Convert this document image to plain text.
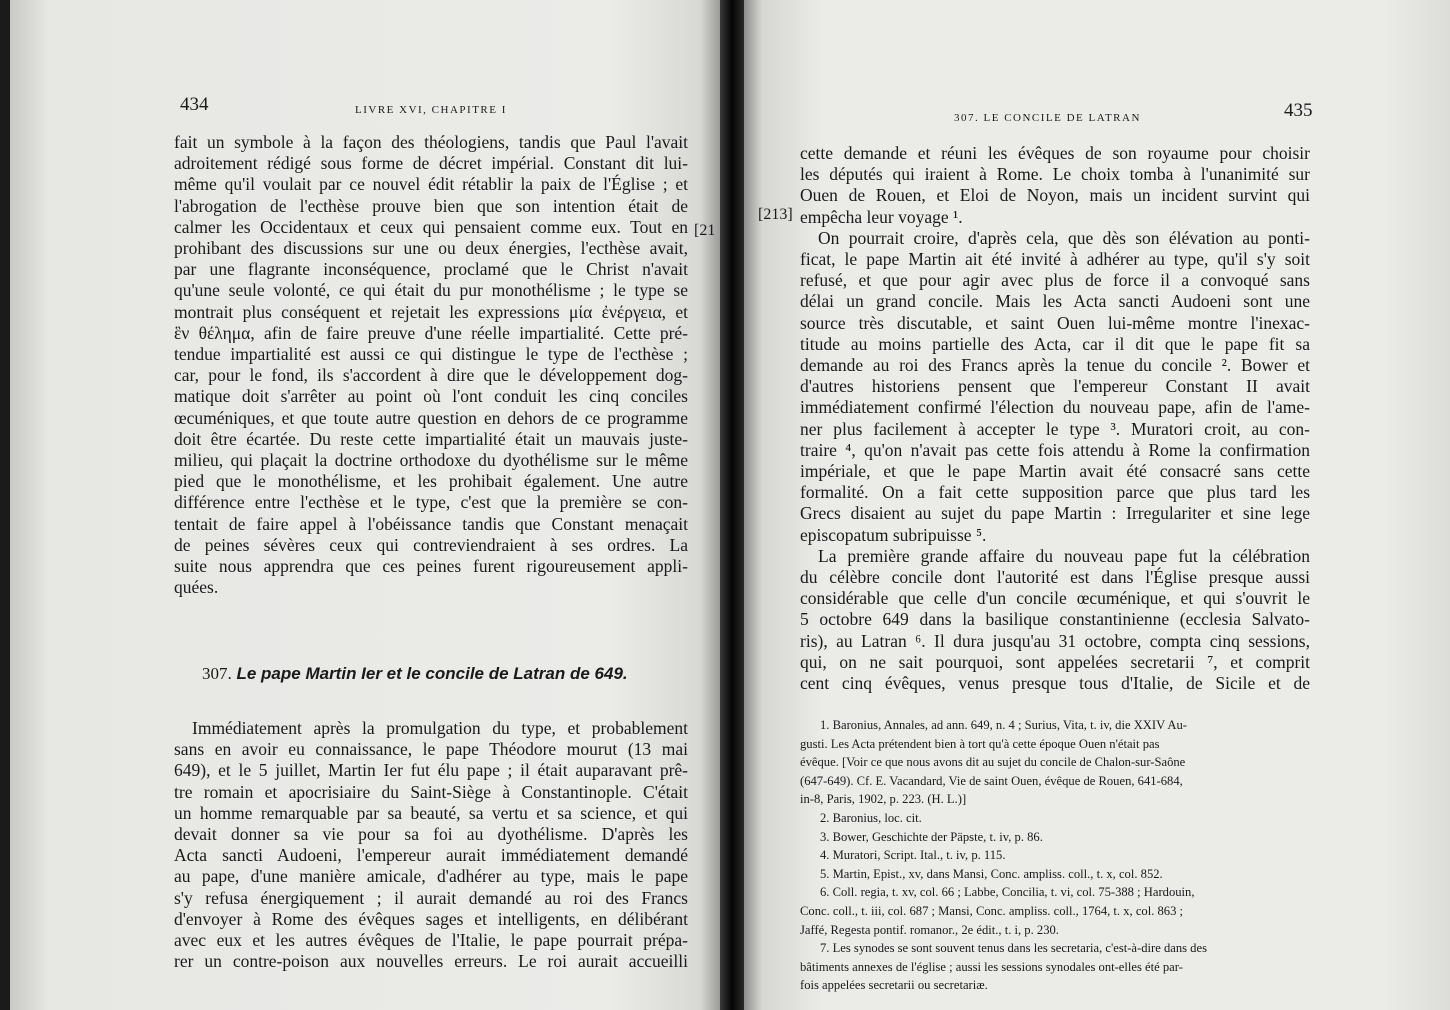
434	LIVRE XVI, CHAPITRE I
fait un symbole à la façon des théologiens, tandis que Paul l'avait
adroitement rédigé sous forme de décret impérial. Constant dit lui-
même qu'il voulait par ce nouvel édit rétablir la paix de l'Église ; et
l'abrogation de l'ecthèse prouve bien que son intention était de
calmer les Occidentaux et ceux qui pensaient comme eux. Tout en
prohibant des discussions sur une ou deux énergies, l'ecthèse avait,
par une flagrante inconséquence, proclamé que le Christ n'avait
qu'une seule volonté, ce qui était du pur monothélisme ; le type se
montrait plus conséquent et rejetait les expressions μία ἐνέργεια, et
ἓν θέλημα, afin de faire preuve d'une réelle impartialité. Cette pré-
tendue impartialité est aussi ce qui distingue le type de l'ecthèse ;
car, pour le fond, ils s'accordent à dire que le développement dog-
matique doit s'arrêter au point où l'ont conduit les cinq conciles
œcuméniques, et que toute autre question en dehors de ce programme
doit être écartée. Du reste cette impartialité était un mauvais juste-
milieu, qui plaçait la doctrine orthodoxe du dyothélisme sur le même
pied que le monothélisme, et les prohibait également. Une autre
différence entre l'ecthèse et le type, c'est que la première se con-
tentait de faire appel à l'obéissance tandis que Constant menaçait
de peines sévères ceux qui contreviendraient à ses ordres. La
suite nous apprendra que ces peines furent rigoureusement appli-
quées.
307. Le pape Martin Ier et le concile de Latran de 649.
Immédiatement après la promulgation du type, et probablement
sans en avoir eu connaissance, le pape Théodore mourut (13 mai
649), et le 5 juillet, Martin Ier fut élu pape ; il était auparavant prê-
tre romain et apocrisiaire du Saint-Siège à Constantinople. C'était
un homme remarquable par sa beauté, sa vertu et sa science, et qui
devait donner sa vie pour sa foi au dyothélisme. D'après les
Acta sancti Audoeni, l'empereur aurait immédiatement demandé
au pape, d'une manière amicale, d'adhérer au type, mais le pape
s'y refusa énergiquement ; il aurait demandé au roi des Francs
d'envoyer à Rome des évêques sages et intelligents, en délibérant
avec eux et les autres évêques de l'Italie, le pape pourrait prépa-
rer un contre-poison aux nouvelles erreurs. Le roi aurait accueilli
[21
307. LE CONCILE DE LATRAN	435
cette demande et réuni les évêques de son royaume pour choisir
les députés qui iraient à Rome. Le choix tomba à l'unanimité sur
Ouen de Rouen, et Eloi de Noyon, mais un incident survint qui
empêcha leur voyage ¹.
On pourrait croire, d'après cela, que dès son élévation au ponti-
ficat, le pape Martin ait été invité à adhérer au type, qu'il s'y soit
refusé, et que pour agir avec plus de force il a convoqué sans
délai un grand concile. Mais les Acta sancti Audoeni sont une
source très discutable, et saint Ouen lui-même montre l'inexac-
titude au moins partielle des Acta, car il dit que le pape fit sa
demande au roi des Francs après la tenue du concile ². Bower et
d'autres historiens pensent que l'empereur Constant II avait
immédiatement confirmé l'élection du nouveau pape, afin de l'ame-
ner plus facilement à accepter le type ³. Muratori croit, au con-
traire ⁴, qu'on n'avait pas cette fois attendu à Rome la confirmation
impériale, et que le pape Martin avait été consacré sans cette
formalité. On a fait cette supposition parce que plus tard les
Grecs disaient au sujet du pape Martin : Irregulariter et sine lege
episcopatum subripuisse ⁵.
La première grande affaire du nouveau pape fut la célébration
du célèbre concile dont l'autorité est dans l'Église presque aussi
considérable que celle d'un concile œcuménique, et qui s'ouvrit le
5 octobre 649 dans la basilique constantinienne (ecclesia Salvato-
ris), au Latran ⁶. Il dura jusqu'au 31 octobre, compta cinq sessions,
qui, on ne sait pourquoi, sont appelées secretarii ⁷, et comprit
cent cinq évêques, venus presque tous d'Italie, de Sicile et de
1. Baronius, Annales, ad ann. 649, n. 4 ; Surius, Vita, t. iv, die XXIV Au-
gusti. Les Acta prétendent bien à tort qu'à cette époque Ouen n'était pas
évêque. [Voir ce que nous avons dit au sujet du concile de Chalon-sur-Saône
(647-649). Cf. E. Vacandard, Vie de saint Ouen, évêque de Rouen, 641-684,
in-8, Paris, 1902, p. 223. (H. L.)]
2. Baronius, loc. cit.
3. Bower, Geschichte der Päpste, t. iv, p. 86.
4. Muratori, Script. Ital., t. iv, p. 115.
5. Martin, Epist., xv, dans Mansi, Conc. ampliss. coll., t. x, col. 852.
6. Coll. regia, t. xv, col. 66 ; Labbe, Concilia, t. vi, col. 75-388 ; Hardouin,
Conc. coll., t. iii, col. 687 ; Mansi, Conc. ampliss. coll., 1764, t. x, col. 863 ;
Jaffé, Regesta pontif. romanor., 2e édit., t. i, p. 230.
7. Les synodes se sont souvent tenus dans les secretaria, c'est-à-dire dans des
bâtiments annexes de l'église ; aussi les sessions synodales ont-elles été par-
fois appelées secretarii ou secretariæ.
[213]
